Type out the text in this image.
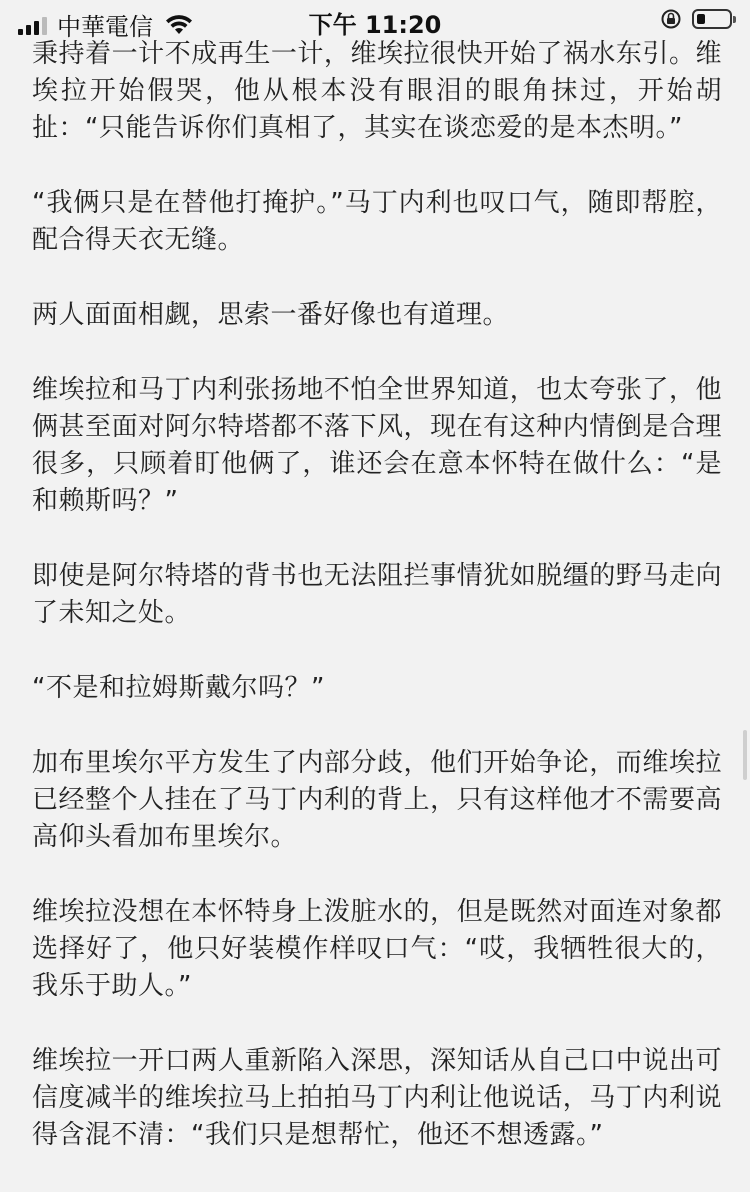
中華電信	下午 11:20

秉持着一计不成再生一计，维埃拉很快开始了祸水东引。维埃拉开始假哭，他从根本没有眼泪的眼角抹过，开始胡扯：“只能告诉你们真相了，其实在谈恋爱的是本杰明。”

“我俩只是在替他打掩护。”马丁内利也叹口气，随即帮腔，配合得天衣无缝。

两人面面相觑，思索一番好像也有道理。

维埃拉和马丁内利张扬地不怕全世界知道，也太夸张了，他俩甚至面对阿尔特塔都不落下风，现在有这种内情倒是合理很多，只顾着盯他俩了，谁还会在意本怀特在做什么：“是和赖斯吗？”

即使是阿尔特塔的背书也无法阻拦事情犹如脱缰的野马走向了未知之处。

“不是和拉姆斯戴尔吗？”

加布里埃尔平方发生了内部分歧，他们开始争论，而维埃拉已经整个人挂在了马丁内利的背上，只有这样他才不需要高高仰头看加布里埃尔。

维埃拉没想在本怀特身上泼脏水的，但是既然对面连对象都选择好了，他只好装模作样叹口气：“哎，我牺牲很大的，我乐于助人。”

维埃拉一开口两人重新陷入深思，深知话从自己口中说出可信度减半的维埃拉马上拍拍马丁内利让他说话，马丁内利说得含混不清：“我们只是想帮忙，他还不想透露。”
